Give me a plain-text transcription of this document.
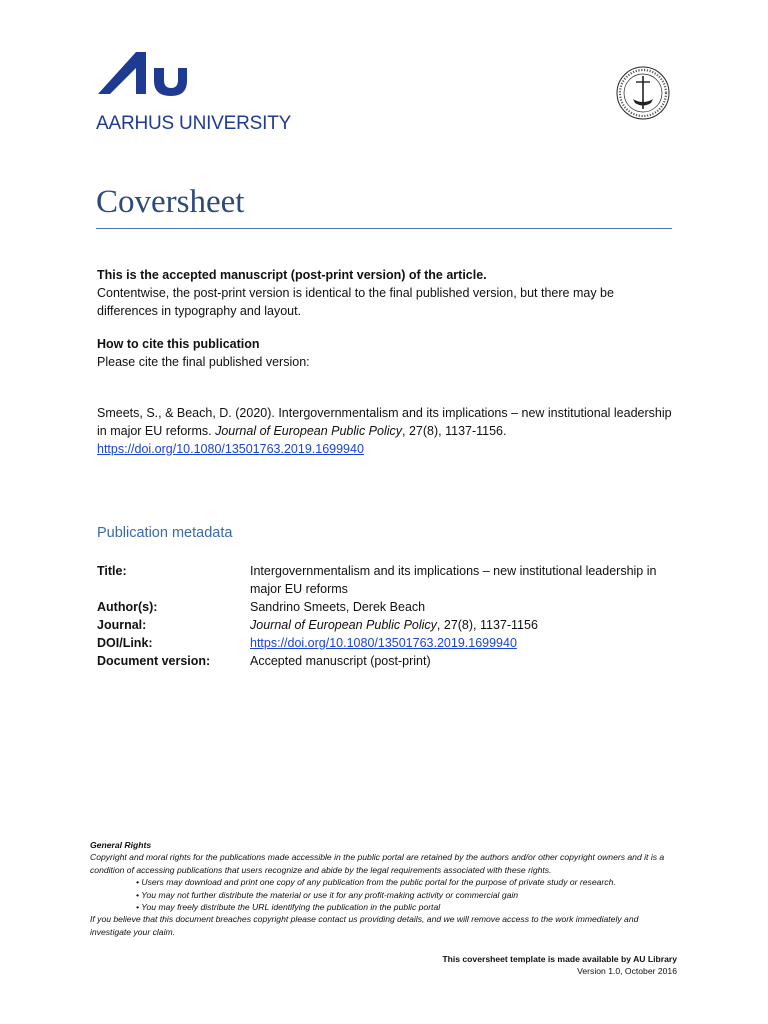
AARHUS UNIVERSITY
Coversheet
This is the accepted manuscript (post-print version) of the article.
Contentwise, the post-print version is identical to the final published version, but there may be differences in typography and layout.
How to cite this publication
Please cite the final published version:
Smeets, S., & Beach, D. (2020). Intergovernmentalism and its implications – new institutional leadership in major EU reforms. Journal of European Public Policy, 27(8), 1137-1156.
https://doi.org/10.1080/13501763.2019.1699940
Publication metadata
Title:	Intergovernmentalism and its implications – new institutional leadership in major EU reforms
Author(s):	Sandrino Smeets, Derek Beach
Journal:	Journal of European Public Policy, 27(8), 1137-1156
DOI/Link:	https://doi.org/10.1080/13501763.2019.1699940
Document version:	Accepted manuscript (post-print)
General Rights
Copyright and moral rights for the publications made accessible in the public portal are retained by the authors and/or other copyright owners and it is a condition of accessing publications that users recognize and abide by the legal requirements associated with these rights.
• Users may download and print one copy of any publication from the public portal for the purpose of private study or research.
• You may not further distribute the material or use it for any profit-making activity or commercial gain
• You may freely distribute the URL identifying the publication in the public portal
If you believe that this document breaches copyright please contact us providing details, and we will remove access to the work immediately and investigate your claim.
This coversheet template is made available by AU Library
Version 1.0, October 2016
